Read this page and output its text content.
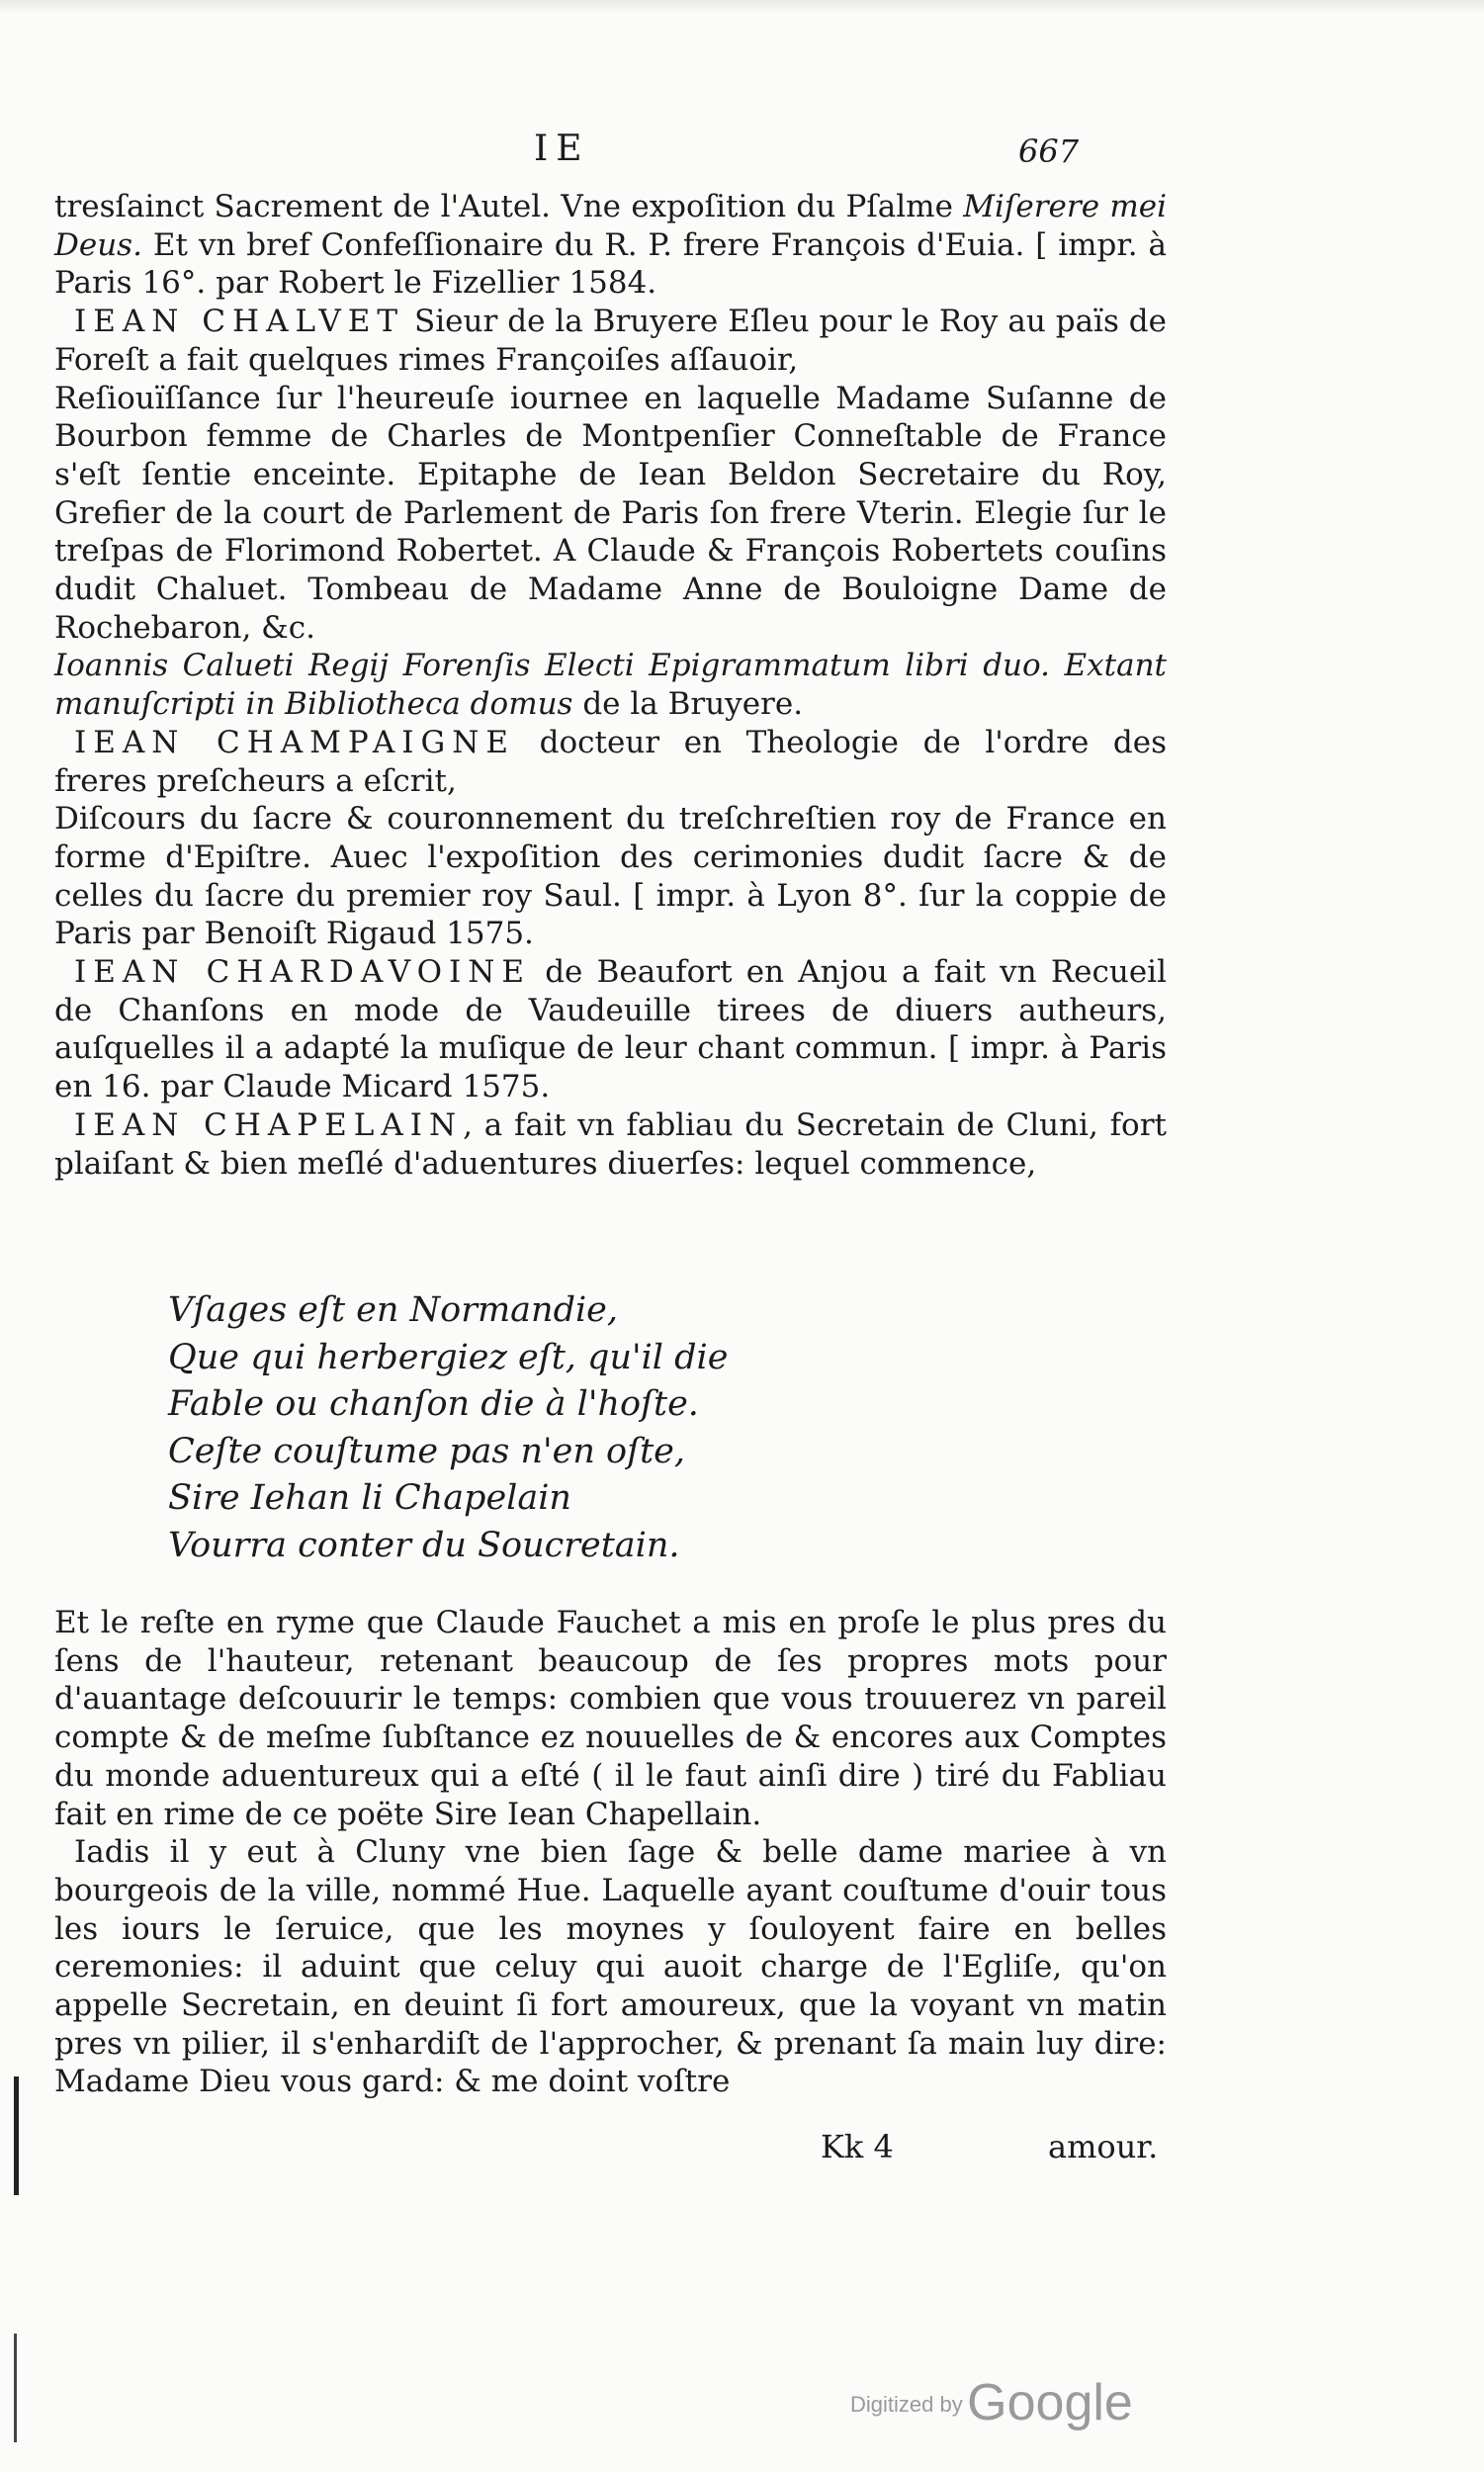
IE	667

tresſainct Sacrement de l'Autel. Vne expoſition du Pſalme Miſerere mei Deus. Et vn bref Confeſſionaire du R. P. frere François d'Euia. [ impr. à Paris 16°. par Robert le Fizellier 1584.

IEAN CHALVET Sieur de la Bruyere Eſleu pour le Roy au païs de Foreſt a fait quelques rimes Françoiſes aſſauoir,

Reſiouïſſance ſur l'heureuſe iournee en laquelle Madame Suſanne de Bourbon femme de Charles de Montpenſier Conneſtable de France s'eſt ſentie enceinte. Epitaphe de Iean Beldon Secretaire du Roy, Grefier de la court de Parlement de Paris ſon frere Vterin. Elegie ſur le treſpas de Florimond Robertet. A Claude & François Robertets couſins dudit Chaluet. Tombeau de Madame Anne de Bouloigne Dame de Rochebaron, &c.

Ioannis Calueti Regij Forenſis Electi Epigrammatum libri duo. Extant manuſcripti in Bibliotheca domus de la Bruyere.

IEAN CHAMPAIGNE docteur en Theologie de l'ordre des freres preſcheurs a eſcrit,

Diſcours du ſacre & couronnement du treſchreſtien roy de France en forme d'Epiſtre. Auec l'expoſition des cerimonies dudit ſacre & de celles du ſacre du premier roy Saul. [ impr. à Lyon 8°. ſur la coppie de Paris par Benoiſt Rigaud 1575.

IEAN CHARDAVOINE de Beaufort en Anjou a fait vn Recueil de Chanſons en mode de Vaudeuille tirees de diuers autheurs, auſquelles il a adapté la muſique de leur chant commun. [ impr. à Paris en 16. par Claude Micard 1575.

IEAN CHAPELAIN, a fait vn fabliau du Secretain de Cluni, fort plaiſant & bien meſlé d'aduentures diuerſes: lequel commence,

Vſages eſt en Normandie,
Que qui herbergiez eſt, qu'il die
Fable ou chanſon die à l'hoſte.
Ceſte couſtume pas n'en oſte,
Sire Iehan li Chapelain
Vourra conter du Soucretain.

Et le reſte en ryme que Claude Fauchet a mis en proſe le plus pres du ſens de l'hauteur, retenant beaucoup de ſes propres mots pour d'auantage deſcouurir le temps: combien que vous trouuerez vn pareil compte & de meſme ſubſtance ez nouuelles de & encores aux Comptes du monde aduentureux qui a eſté ( il le faut ainſi dire ) tiré du Fabliau fait en rime de ce poëte Sire Iean Chapellain.

Iadis il y eut à Cluny vne bien ſage & belle dame mariee à vn bourgeois de la ville, nommé Hue. Laquelle ayant couſtume d'ouir tous les iours le ſeruice, que les moynes y ſouloyent faire en belles ceremonies: il aduint que celuy qui auoit charge de l'Egliſe, qu'on appelle Secretain, en deuint ſi fort amoureux, que la voyant vn matin pres vn pilier, il s'enhardiſt de l'approcher, & prenant ſa main luy dire: Madame Dieu vous gard: & me doint voſtre

Kk 4	amour.
Digitized by Google
